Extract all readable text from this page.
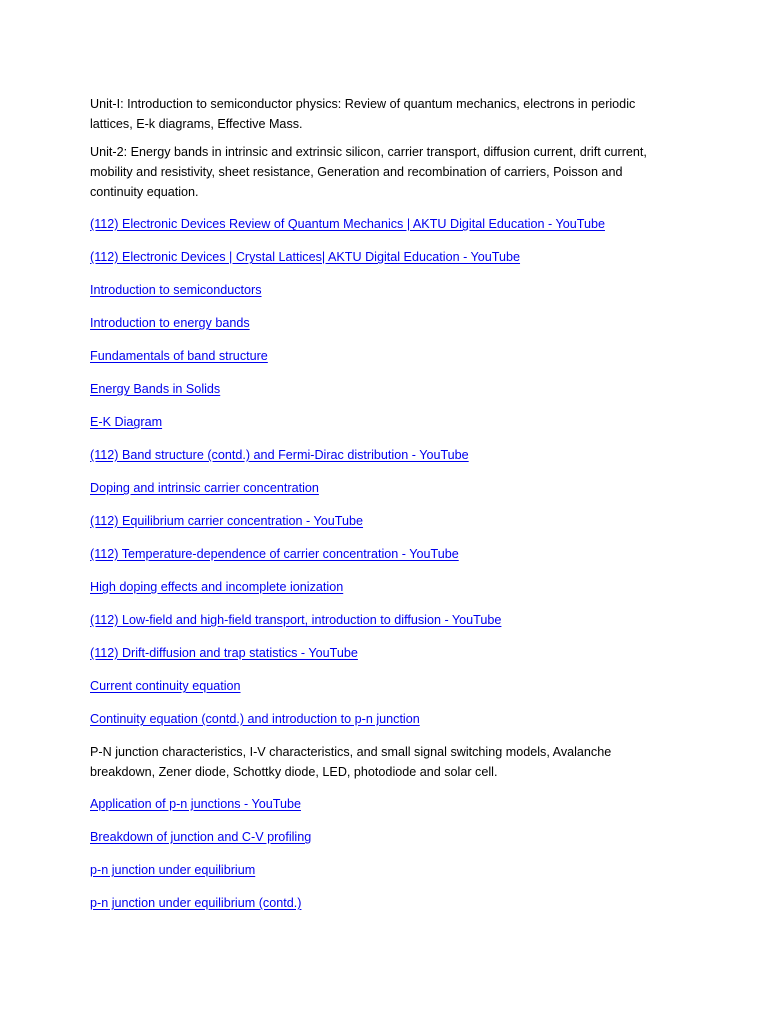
Unit-I: Introduction to semiconductor physics: Review of quantum mechanics, electrons in periodic lattices, E-k diagrams, Effective Mass.

Unit-2: Energy bands in intrinsic and extrinsic silicon, carrier transport, diffusion current, drift current, mobility and resistivity, sheet resistance, Generation and recombination of carriers, Poisson and continuity equation.

(112) Electronic Devices Review of Quantum Mechanics | AKTU Digital Education - YouTube
(112) Electronic Devices | Crystal Lattices| AKTU Digital Education - YouTube
Introduction to semiconductors
Introduction to energy bands
Fundamentals of band structure
Energy Bands in Solids
E-K Diagram
(112) Band structure (contd.) and Fermi-Dirac distribution - YouTube
Doping and intrinsic carrier concentration
(112) Equilibrium carrier concentration - YouTube
(112) Temperature-dependence of carrier concentration - YouTube
High doping effects and incomplete ionization
(112) Low-field and high-field transport, introduction to diffusion - YouTube
(112) Drift-diffusion and trap statistics - YouTube
Current continuity equation
Continuity equation (contd.) and introduction to p-n junction

P-N junction characteristics, I-V characteristics, and small signal switching models, Avalanche breakdown, Zener diode, Schottky diode, LED, photodiode and solar cell.

Application of p-n junctions - YouTube
Breakdown of junction and C-V profiling
p-n junction under equilibrium
p-n junction under equilibrium (contd.)
